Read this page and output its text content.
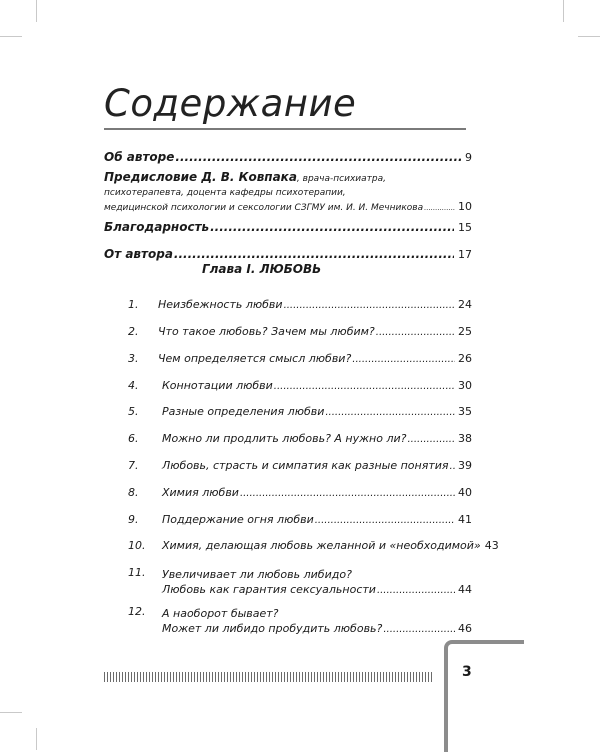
Содержание
Об авторе .....	9
Предисловие Д. В. Ковпака, врача-психиатра,
психотерапевта, доцента кафедры психотерапии,
медицинской психологии и сексологии СЗГМУ им. И. И. Мечникова .....	10
Благодарность .....	15
От автора .....	17
Глава I. ЛЮБОВЬ
1.	Неизбежность любви .....	24
2.	Что такое любовь? Зачем мы любим? .....	25
3.	Чем определяется смысл любви? .....	26
4.	Коннотации любви .....	30
5.	Разные определения любви .....	35
6.	Можно ли продлить любовь? А нужно ли? .....	38
7.	Любовь, страсть и симпатия как разные понятия ..... 39
8.	Химия любви .....	40
9.	Поддержание огня любви .....	41
10.	Химия, делающая любовь желанной и «необходимой» 43
11.	Увеличивает ли любовь либидо?
Любовь как гарантия сексуальности .....	44
12.	А наоборот бывает?
Может ли либидо пробудить любовь? .....	46
3
